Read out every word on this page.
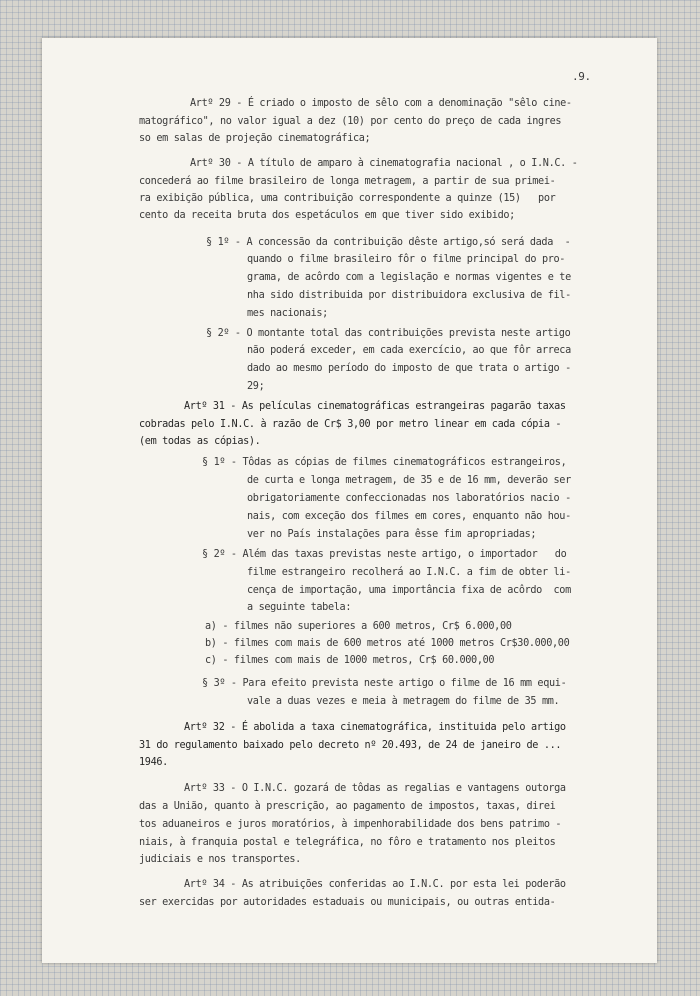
.9.
Artº 29 - É criado o imposto de sêlo com a denominação "sêlo cine-
matográfico", no valor igual a dez (10) por cento do preço de cada ingres
so em salas de projeção cinematográfica;
Artº 30 - A título de amparo à cinematografia nacional , o I.N.C. -
concederá ao filme brasileiro de longa metragem, a partir de sua primei-
ra exibição pública, uma contribuição correspondente a quinze (15)   por
cento da receita bruta dos espetáculos em que tiver sido exibido;
§ 1º - A concessão da contribuição dêste artigo,só será dada  -
quando o filme brasileiro fôr o filme principal do pro-
grama, de acôrdo com a legislação e normas vigentes e te
nha sido distribuida por distribuidora exclusiva de fil-
mes nacionais;
§ 2º - O montante total das contribuições prevista neste artigo
não poderá exceder, em cada exercício, ao que fôr arreca
dado ao mesmo período do imposto de que trata o artigo -
29;
Artº 31 - As películas cinematográficas estrangeiras pagarão taxas
cobradas pelo I.N.C. à razão de Cr$ 3,00 por metro linear em cada cópia -
(em todas as cópias).
§ 1º - Tôdas as cópias de filmes cinematográficos estrangeiros,
de curta e longa metragem, de 35 e de 16 mm, deverão ser
obrigatoriamente confeccionadas nos laboratórios nacio -
nais, com exceção dos filmes em cores, enquanto não hou-
ver no País instalações para êsse fim apropriadas;
§ 2º - Além das taxas previstas neste artigo, o importador   do
filme estrangeiro recolherá ao I.N.C. a fim de obter li-
cença de importação, uma importância fixa de acôrdo  com
a seguinte tabela:
a) - filmes não superiores a 600 metros, Cr$ 6.000,00
b) - filmes com mais de 600 metros até 1000 metros Cr$30.000,00
c) - filmes com mais de 1000 metros, Cr$ 60.000,00
§ 3º - Para efeito prevista neste artigo o filme de 16 mm equi-
vale a duas vezes e meia à metragem do filme de 35 mm.
Artº 32 - É abolida a taxa cinematográfica, instituida pelo artigo
31 do regulamento baixado pelo decreto nº 20.493, de 24 de janeiro de ...
1946.
Artº 33 - O I.N.C. gozará de tôdas as regalias e vantagens outorga
das a União, quanto à prescrição, ao pagamento de impostos, taxas, direi
tos aduaneiros e juros moratórios, à impenhorabilidade dos bens patrimo -
niais, à franquia postal e telegráfica, no fôro e tratamento nos pleitos
judiciais e nos transportes.
Artº 34 - As atribuições conferidas ao I.N.C. por esta lei poderão
ser exercidas por autoridades estaduais ou municipais, ou outras entida-
